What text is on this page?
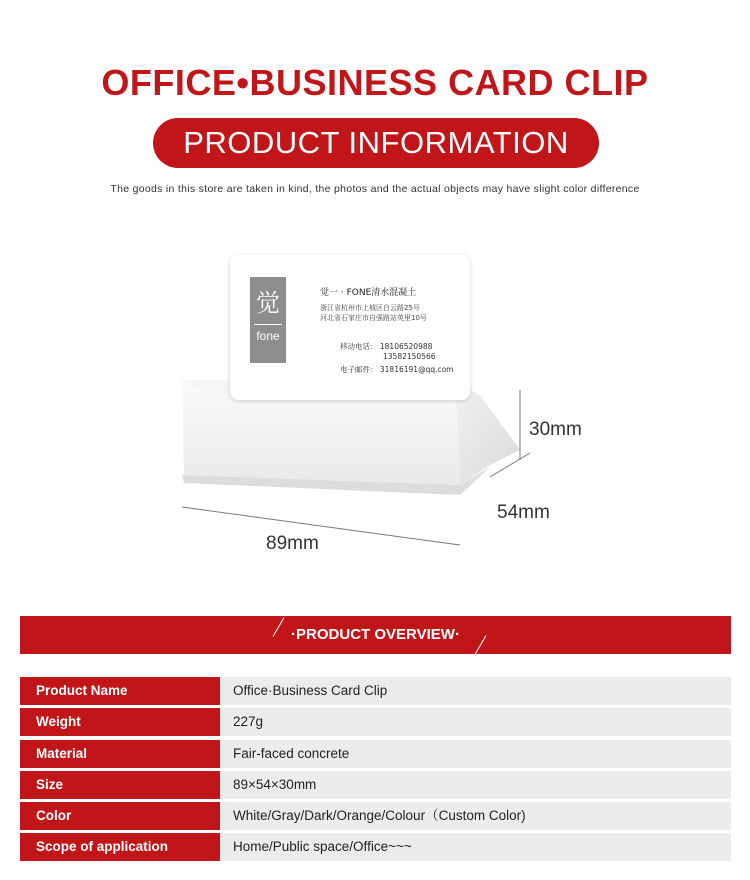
OFFICE•BUSINESS CARD CLIP
PRODUCT INFORMATION
The goods in this store are taken in kind, the photos and the actual objects may have slight color difference
觉
fone
觉一 · FONE清水混凝土
浙江省杭州市上城区白云路25号
河北省石家庄市自强路站英里10号
移动电话： 18106520988
13582150566
电子邮件： 31816191@qq.com
30mm
54mm
89mm
·PRODUCT OVERVIEW·
Product Name	Office·Business Card Clip
Weight	227g
Material	Fair-faced concrete
Size	89×54×30mm
Color	White/Gray/Dark/Orange/Colour（Custom Color)
Scope of application	Home/Public space/Office~~~
